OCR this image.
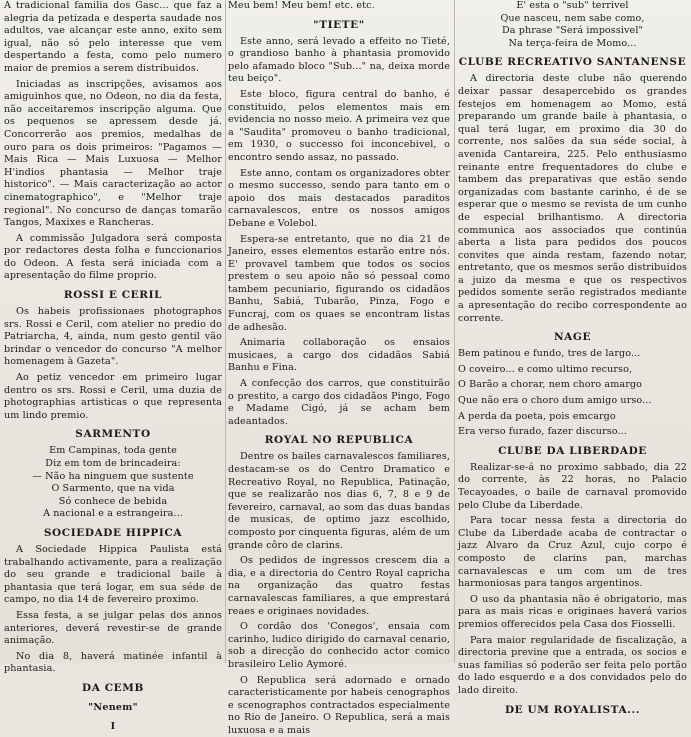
A tradicional familia dos Gasc... que faz a alegria da petizada e desperta saudade nos adultos, vae alcançar este anno, exito sem igual, não só pelo interesse que vem despertando a festa, como pelo numero maior de premios a serem distribuidos.

Iniciadas as inscripções, avisamos aos amiguinhos que, no Odeon, no dia da festa, não acceitaremos inscripção alguma. Que os pequenos se apressem desde já. Concorrerão aos premios, medalhas de ouro para os dois primeiros: "Pagamos — Mais Rica — Mais Luxuosa — Melhor H'indios phantasia — Melhor traje historico". — Mais caracterização ao actor cinematographico", e "Melhor traje regional". No concurso de danças tomarão Tangos, Maxixes e Rancheras.

A commissão Julgadora será composta por redactores desta folha e funccionarios do Odeon. A festa será iniciada com a apresentação do filme proprio.

ROSSI E CERIL

Os habeis profissionaes photographos srs. Rossi e Ceril, com atelier no predio do Patriarcha, 4, ainda, num gesto gentil vão brindar o vencedor do concurso "A melhor homenagem à Gazeta".

Ao petiz vencedor em primeiro lugar dentro os srs. Rossi e Ceril, uma duzia de photographias artisticas o que representa um lindo premio.

SARMENTO

Em Campinas, toda gente

Diz em tom de brincadeira:

— Não ha ninguem que sustente

O Sarmento, que na vida

Só conhece de bebida

A nacional e a estrangeira...

SOCIEDADE HIPPICA

A Sociedade Hippica Paulista está trabalhando activamente, para a realização do seu grande e tradicional baile à phantasia que terá logar, em sua séde de campo, no dia 14 de fevereiro proximo.

Essa festa, a se julgar pelas dos annos anteriores, deverá revestir-se de grande animação.

No dia 8, haverá matinée infantil à phantasia.

DA CEMB
"Nenem"
I

Meu bem! Meu bem! etc. etc.

"TIETE"

Este anno, será levado a effeito no Tieté, o grandioso banho à phantasia promovido pelo afamado bloco "Sub..." na, deixa morde teu beiço".

Este bloco, figura central do banho, é constituido, pelos elementos mais em evidencia no nosso meio. A primeira vez que a "Saudita" promoveu o banho tradicional, em 1930, o successo foi inconcebivel, o encontro sendo assaz, no passado.

Este anno, contam os organizadores obter o mesmo successo, sendo para tanto em o apoio dos mais destacados paraditos carnavalescos, entre os nossos amigos Debane e Volebol.

Espera-se entretanto, que no dia 21 de Janeiro, esses elementos estarão entre nós. E' provavel tambem que todos os socios prestem o seu apoio não só pessoal como tambem pecuniario, figurando os cidadãos Banhu, Sabiá, Tubarão, Pinza, Fogo e Funcraj, com os quaes se encontram listas de adhesão.

Animaria collaboração os ensaios musicaes, a cargo dos cidadãos Sabiá Banhu e Fina.

A confecção dos carros, que constituirão o prestito, a cargo dos cidadãos Pingo, Fogo e Madame Cigó, já se acham bem adeantados.

ROYAL NO REPUBLICA

Dentre os bailes carnavalescos familiares, destacam-se os do Centro Dramatico e Recreativo Royal, no Republica, Patinação, que se realizarão nos dias 6, 7, 8 e 9 de fevereiro, carnaval, ao som das duas bandas de musicas, de optimo jazz escolhido, composto por cinquenta figuras, além de um grande côro de clarins.

Os pedidos de ingressos crescem dia a dia, e a directoria do Centro Royal capricha na organização das quatro festas carnavalescas familiares, a que emprestará reaes e originaes novidades.

O cordão dos 'Conegos', ensaia com carinho, ludico dirigido do carnaval cenario, sob a direcção do conhecido actor comico brasileiro Lelio Aymoré.

O Republica será adornado e ornado caracteristicamente por habeis cenographos e scenographos contractados especialmente no Rio de Janeiro. O Republica, será a mais luxuosa e a mais

E' esta o "sub" terrivel

Que nasceu, nem sabe como,

Da phrase "Será impossivel"

Na terça-feira de Momo...

CLUBE RECREATIVO SANTANENSE

A directoria deste clube não querendo deixar passar desapercebido os grandes festejos em homenagem ao Momo, está preparando um grande baile à phantasia, o qual terá lugar, em proximo dia 30 do corrente, nos salões da sua séde social, à avenida Cantareira, 225. Pelo enthusiasmo reinante entre frequentadores do clube e tambem das preparativas que estão sendo organizadas com bastante carinho, é de se esperar que o mesmo se revista de um cunho de especial brilhantismo. A directoria communica aos associados que continúa aberta a lista para pedidos dos poucos convites que ainda restam, fazendo notar, entretanto, que os mesmos serão distribuidos a juizo da mesma e que os respectivos pedidos somente serão registrados mediante a apresentação do recibo correspondente ao corrente.

NAGE

Bem patinou e fundo, tres de largo...

O coveiro... e como ultimo recurso,

O Barão a chorar, nem choro amargo

Que não era o choro dum amigo urso...

A perda da poeta, pois emcargo

Era verso furado, fazer discurso...

CLUBE DA LIBERDADE

Realizar-se-á no proximo sabbado, dia 22 do corrente, às 22 horas, no Palacio Tecayoades, o baile de carnaval promovido pelo Clube da Liberdade.

Para tocar nessa festa a directoria do Clube da Liberdade acaba de contractar o jazz Alvaro da Cruz Azul, cujo corpo é composto de clarins pan, marchas carnavalescas e um com um de tres harmoniosas para tangos argentinos.

O uso da phantasia não é obrigatorio, mas para as mais ricas e originaes haverá varios premios offerecidos pela Casa dos Fiosselli.

Para maior regularidade de fiscalização, a directoria previne que a entrada, os socios e suas familias só poderão ser feita pelo portão do lado esquerdo e a dos convidados pelo do lado direito.

DE UM ROYALISTA...
